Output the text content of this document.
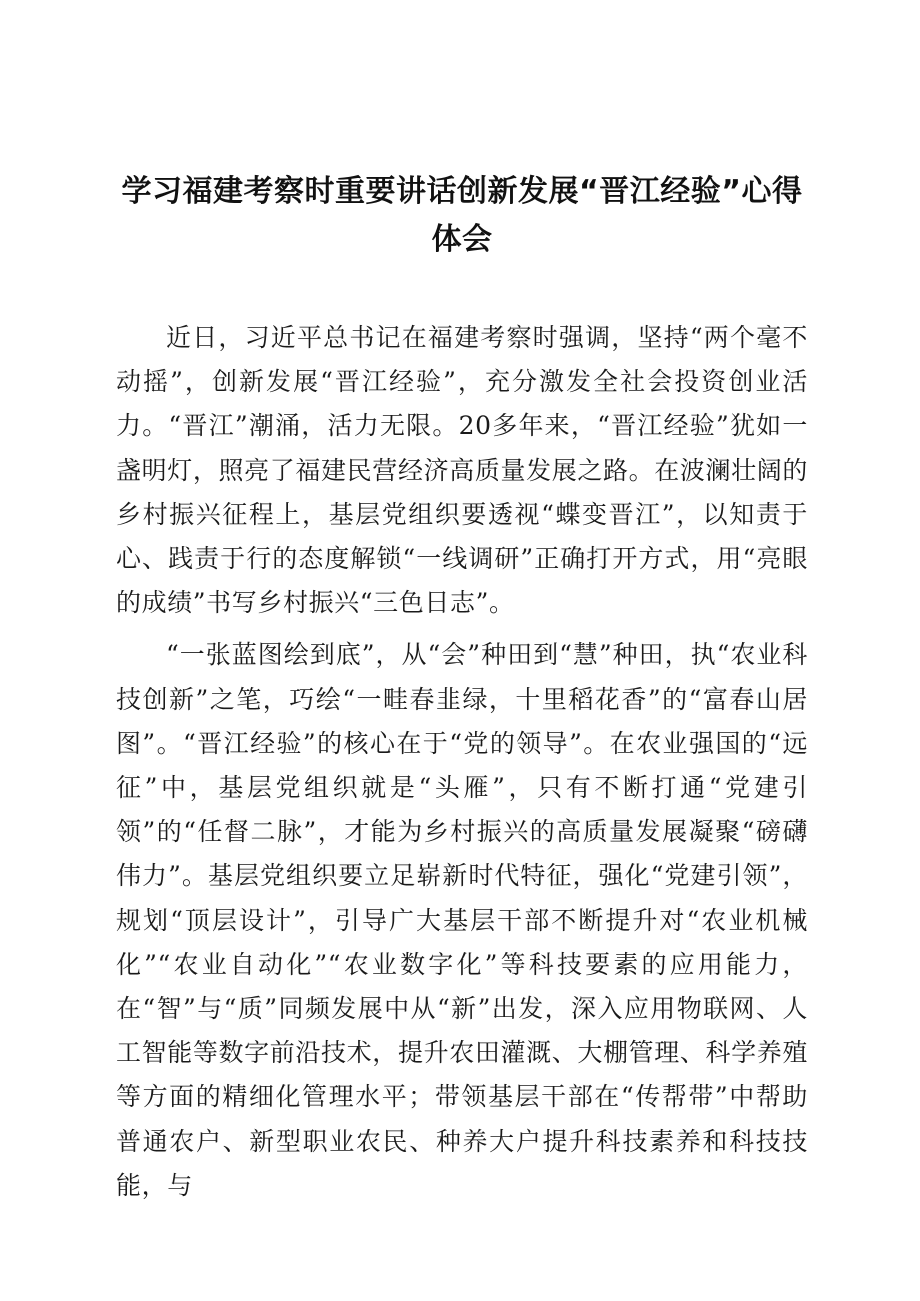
学习福建考察时重要讲话创新发展“晋江经验”心得体会

近日，习近平总书记在福建考察时强调，坚持“两个毫不动摇”，创新发展“晋江经验”，充分激发全社会投资创业活力。“晋江”潮涌，活力无限。20多年来，“晋江经验”犹如一盏明灯，照亮了福建民营经济高质量发展之路。在波澜壮阔的乡村振兴征程上，基层党组织要透视“蝶变晋江”，以知责于心、践责于行的态度解锁“一线调研”正确打开方式，用“亮眼的成绩”书写乡村振兴“三色日志”。

“一张蓝图绘到底”，从“会”种田到“慧”种田，执“农业科技创新”之笔，巧绘“一畦春韭绿，十里稻花香”的“富春山居图”。“晋江经验”的核心在于“党的领导”。在农业强国的“远征”中，基层党组织就是“头雁”，只有不断打通“党建引领”的“任督二脉”，才能为乡村振兴的高质量发展凝聚“磅礴伟力”。基层党组织要立足崭新时代特征，强化“党建引领”，规划“顶层设计”，引导广大基层干部不断提升对“农业机械化”“农业自动化”“农业数字化”等科技要素的应用能力，在“智”与“质”同频发展中从“新”出发，深入应用物联网、人工智能等数字前沿技术，提升农田灌溉、大棚管理、科学养殖等方面的精细化管理水平；带领基层干部在“传帮带”中帮助普通农户、新型职业农民、种养大户提升科技素养和科技技能，与
